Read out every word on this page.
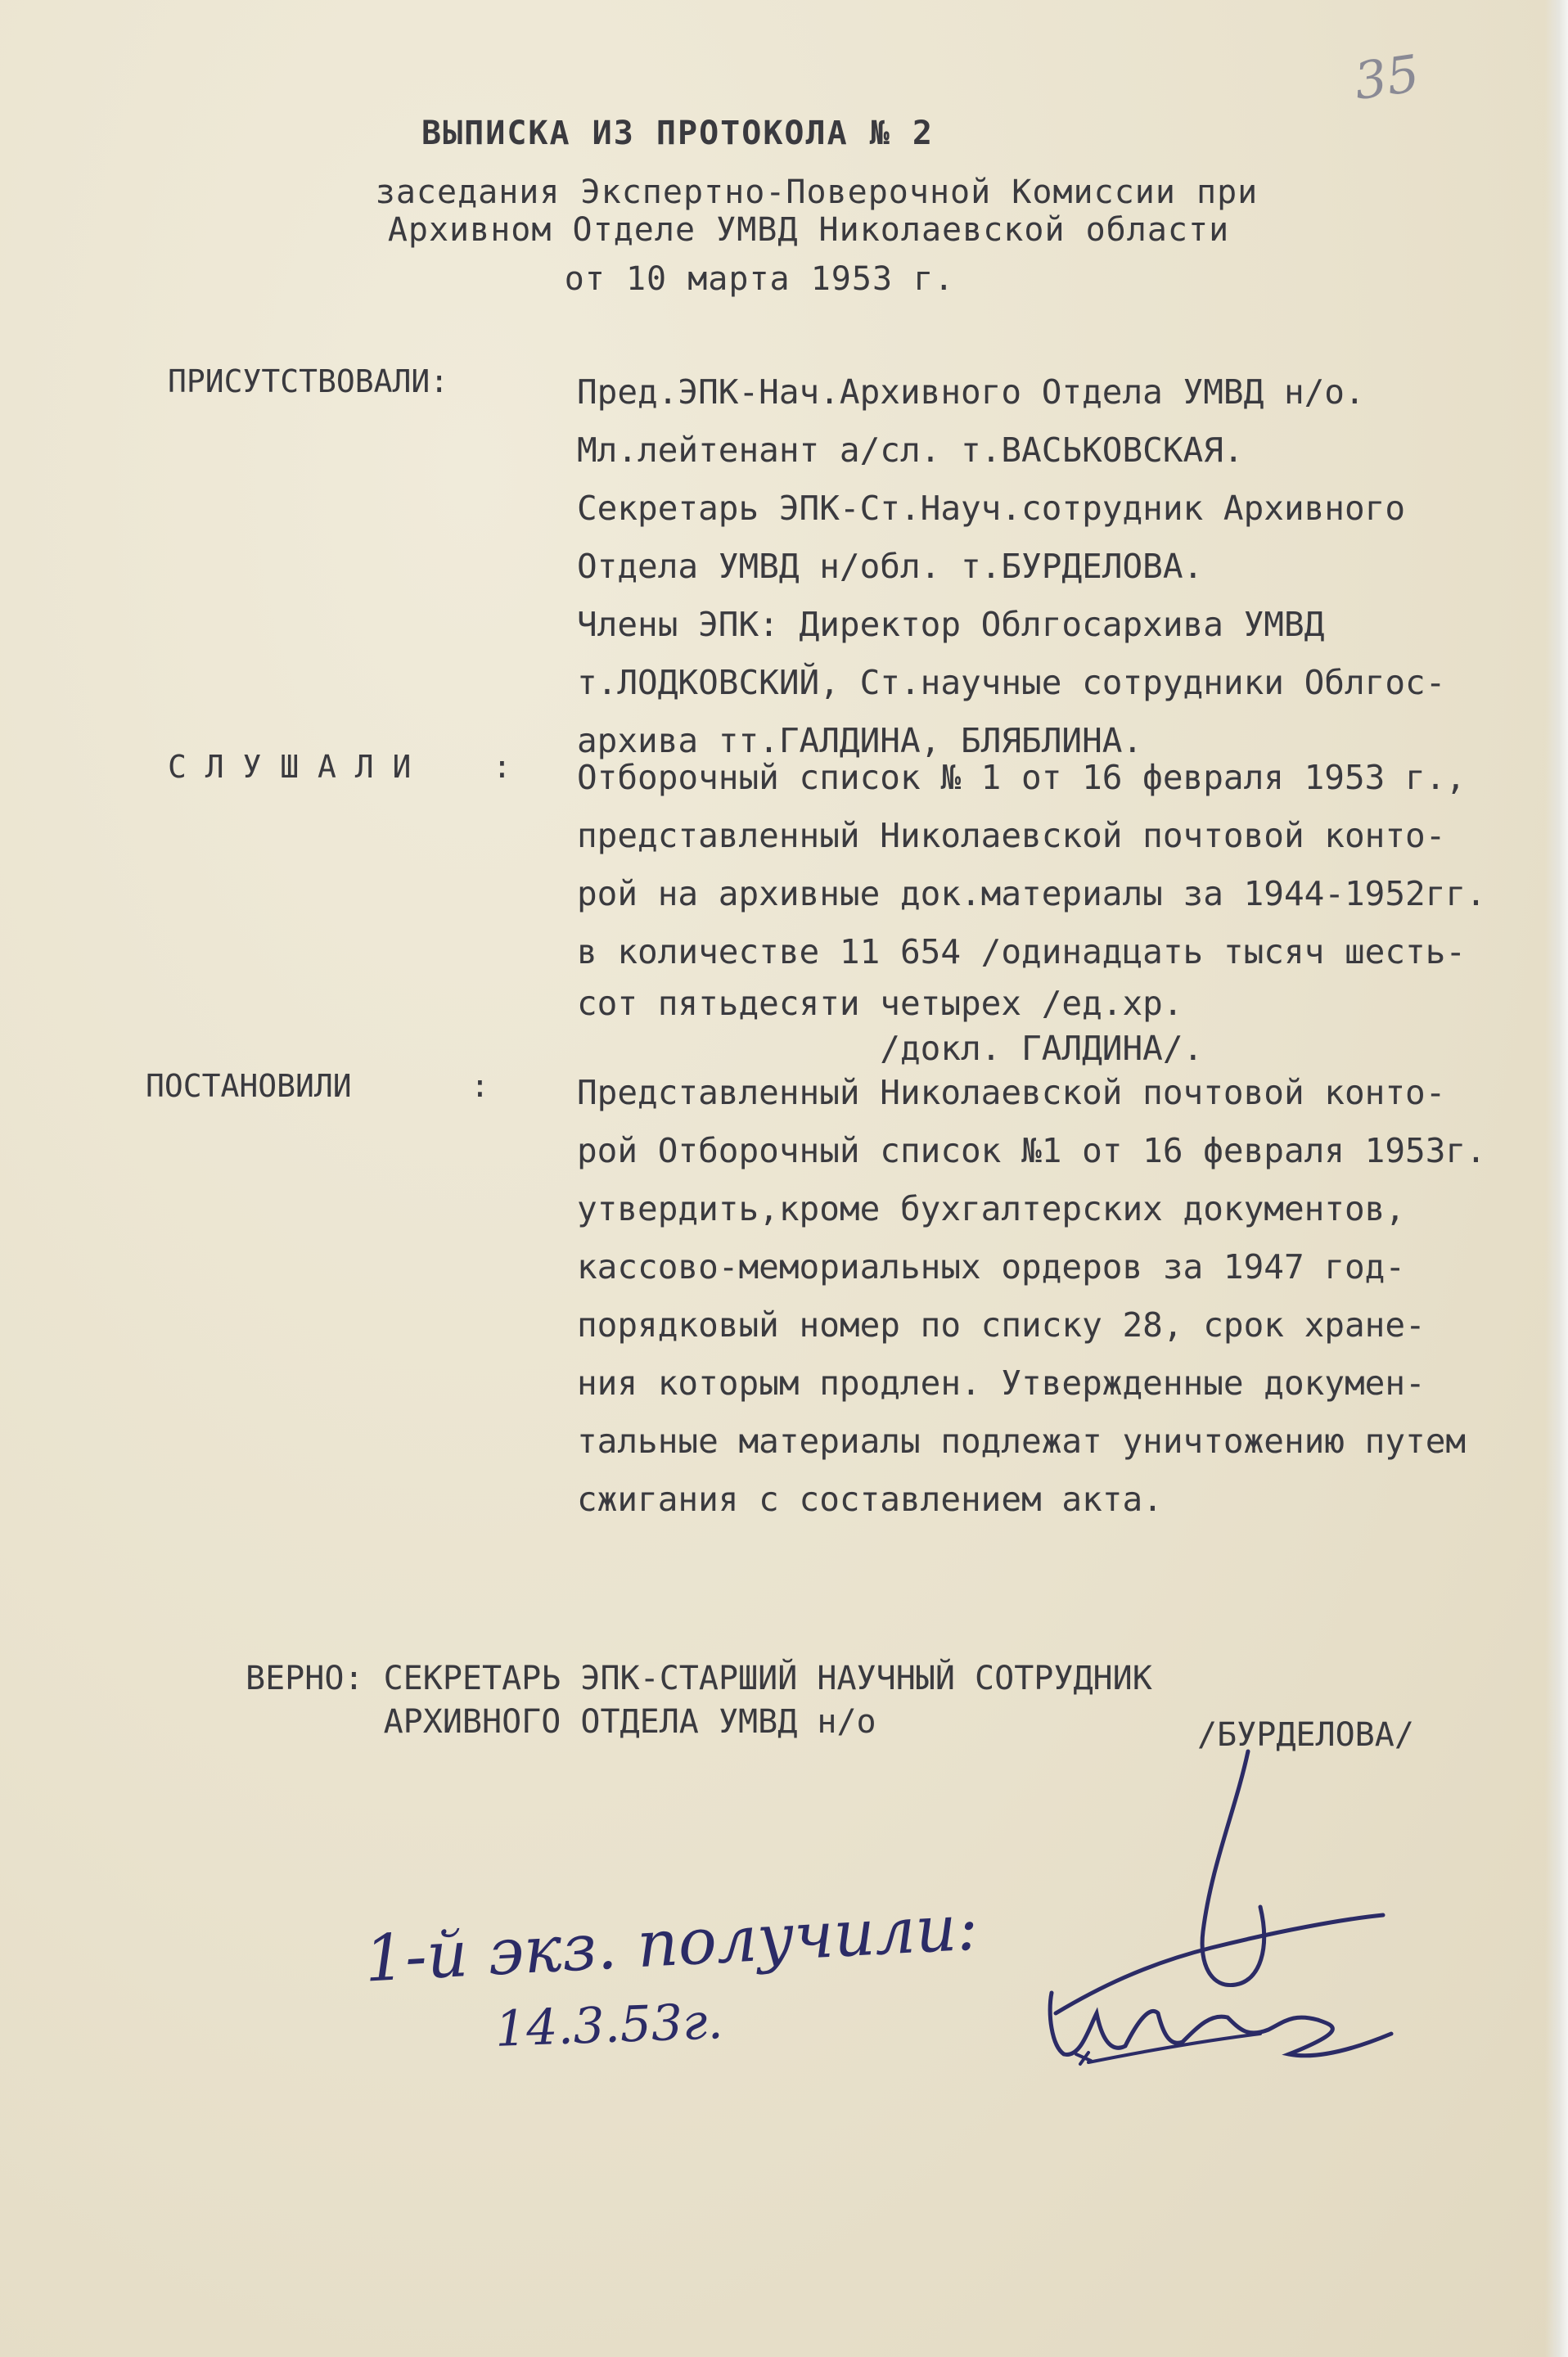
35
ВЫПИСКА ИЗ ПРОТОКОЛА № 2
заседания Экспертно-Поверочной Комиссии при
Архивном Отделе УМВД Николаевской области
от 10 марта 1953 г.
ПРИСУТСТВОВАЛИ:	Пред.ЭПК-Нач.Архивного Отдела УМВД н/о.
Мл.лейтенант а/сл. т.ВАСЬКОВСКАЯ.
Секретарь ЭПК-Ст.Науч.сотрудник Архивного
Отдела УМВД н/обл. т.БУРДЕЛОВА.
Члены ЭПК: Директор Облгосархива УМВД
т.ЛОДКОВСКИЙ, Ст.научные сотрудники Облгос-
архива тт.ГАЛДИНА, БЛЯБЛИНА.
С Л У Ш А Л И	: Отборочный список № 1 от 16 февраля 1953 г.,
представленный Николаевской почтовой конто-
рой на архивные док.материалы за 1944-1952гг.
в количестве 11 654 /одинадцать тысяч шесть-
сот пятьдесяти четырех /ед.хр.
/докл. ГАЛДИНА/.
ПОСТАНОВИЛИ	:	Представленный Николаевской почтовой конто-
рой Отборочный список №1 от 16 февраля 1953г.
утвердить,кроме бухгалтерских документов,
кассово-мемориальных ордеров за 1947 год-
порядковый номер по списку 28, срок хране-
ния которым продлен. Утвержденные докумен-
тальные материалы подлежат уничтожению путем
сжигания с составлением акта.
ВЕРНО: СЕКРЕТАРЬ ЭПК-СТАРШИЙ НАУЧНЫЙ СОТРУДНИК
АРХИВНОГО ОТДЕЛА УМВД н/о	/БУРДЕЛОВА/
1-й экз. получили:
14.3.53г.
